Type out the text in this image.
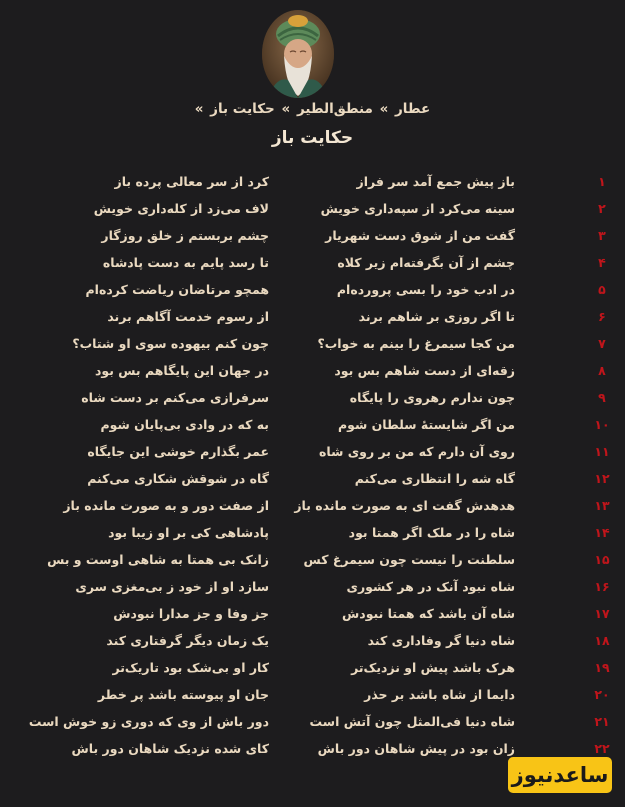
عطار » منطق‌الطیر » حکایت باز »
حکایت باز
۱
باز پیش جمع آمد سر فراز
کرد از سر معالی پرده باز
۲
سینه می‌کرد از سپه‌داری خویش
لاف می‌زد از کله‌داری خویش
۳
گفت من از شوق دست شهریار
چشم بربستم ز خلق روزگار
۴
چشم از آن بگرفته‌ام زیر کلاه
تا رسد پایم به دست پادشاه
۵
در ادب خود را بسی پرورده‌ام
همچو مرتاضان ریاضت کرده‌ام
۶
تا اگر روزی بر شاهم برند
از رسوم خدمت آگاهم برند
۷
من کجا سیمرغ را بینم به خواب؟
چون کنم بیهوده سوی او شتاب؟
۸
زقه‌ای از دست شاهم بس بود
در جهان این پایگاهم بس بود
۹
چون ندارم رهروی را پایگاه
سرفرازی می‌کنم بر دست شاه
۱۰
من اگر شایستهٔ سلطان شوم
به که در وادی بی‌پایان شوم
۱۱
روی آن دارم که من بر روی شاه
عمر بگذارم خوشی این جایگاه
۱۲
گاه شه را انتظاری می‌کنم
گاه در شوقش شکاری می‌کنم
۱۳
هدهدش گفت ای به صورت مانده باز
از صفت دور و به صورت مانده باز
۱۴
شاه را در ملک اگر همتا بود
پادشاهی کی بر او زیبا بود
۱۵
سلطنت را نیست چون سیمرغ کس
زانک بی همتا به شاهی اوست و بس
۱۶
شاه نبود آنک در هر کشوری
سازد او از خود ز بی‌مغزی سری
۱۷
شاه آن باشد که همتا نبودش
جز وفا و جز مدارا نبودش
۱۸
شاه دنیا گر وفاداری کند
یک زمان دیگر گرفتاری کند
۱۹
هرک باشد پیش او نزدیک‌تر
کار او بی‌شک بود تاریک‌تر
۲۰
دایما از شاه باشد بر حذر
جان او پیوسته باشد پر خطر
۲۱
شاه دنیا فی‌المثل چون آتش است
دور باش از وی که دوری زو خوش است
۲۲
زان بود در پیش شاهان دور باش
کای شده نزدیک شاهان دور باش
ساعدنیوز
